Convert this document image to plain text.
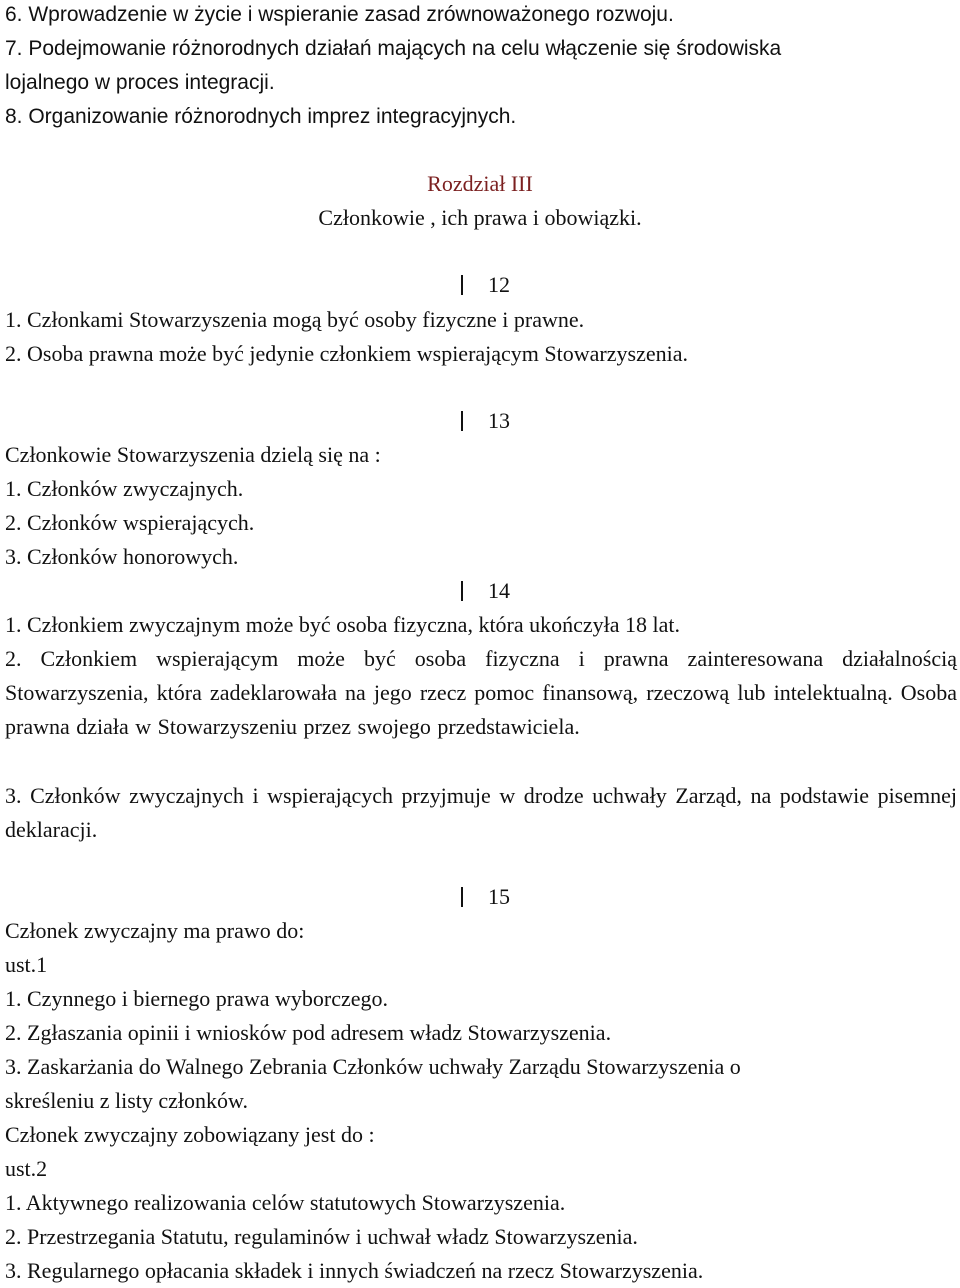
6. Wprowadzenie w życie i wspieranie zasad zrównoważonego rozwoju.
7. Podejmowanie różnorodnych działań mających na celu włączenie się środowiska
lojalnego w proces integracji.
8. Organizowanie różnorodnych imprez integracyjnych.
Rozdział III
Członkowie , ich prawa i obowiązki.
12
1. Członkami Stowarzyszenia mogą być osoby fizyczne i prawne.
2. Osoba prawna może być jedynie członkiem wspierającym Stowarzyszenia.
13
Członkowie Stowarzyszenia dzielą się na :
1. Członków zwyczajnych.
2. Członków wspierających.
3. Członków honorowych.
14
1. Członkiem zwyczajnym może być osoba fizyczna, która ukończyła 18 lat.
2. Członkiem wspierającym może być osoba fizyczna i prawna zainteresowana działalnością Stowarzyszenia, która zadeklarowała na jego rzecz pomoc finansową, rzeczową lub intelektualną. Osoba prawna działa w Stowarzyszeniu przez swojego przedstawiciela.
3. Członków zwyczajnych i wspierających przyjmuje w drodze uchwały Zarząd, na podstawie pisemnej deklaracji.
15
Członek zwyczajny ma prawo do:
ust.1
1. Czynnego i biernego prawa wyborczego.
2. Zgłaszania opinii i wniosków pod adresem władz Stowarzyszenia.
3. Zaskarżania do Walnego Zebrania Członków uchwały Zarządu Stowarzyszenia o
skreśleniu z listy członków.
Członek zwyczajny zobowiązany jest do :
ust.2
1. Aktywnego realizowania celów statutowych Stowarzyszenia.
2. Przestrzegania Statutu, regulaminów i uchwał władz Stowarzyszenia.
3. Regularnego opłacania składek i innych świadczeń na rzecz Stowarzyszenia.
